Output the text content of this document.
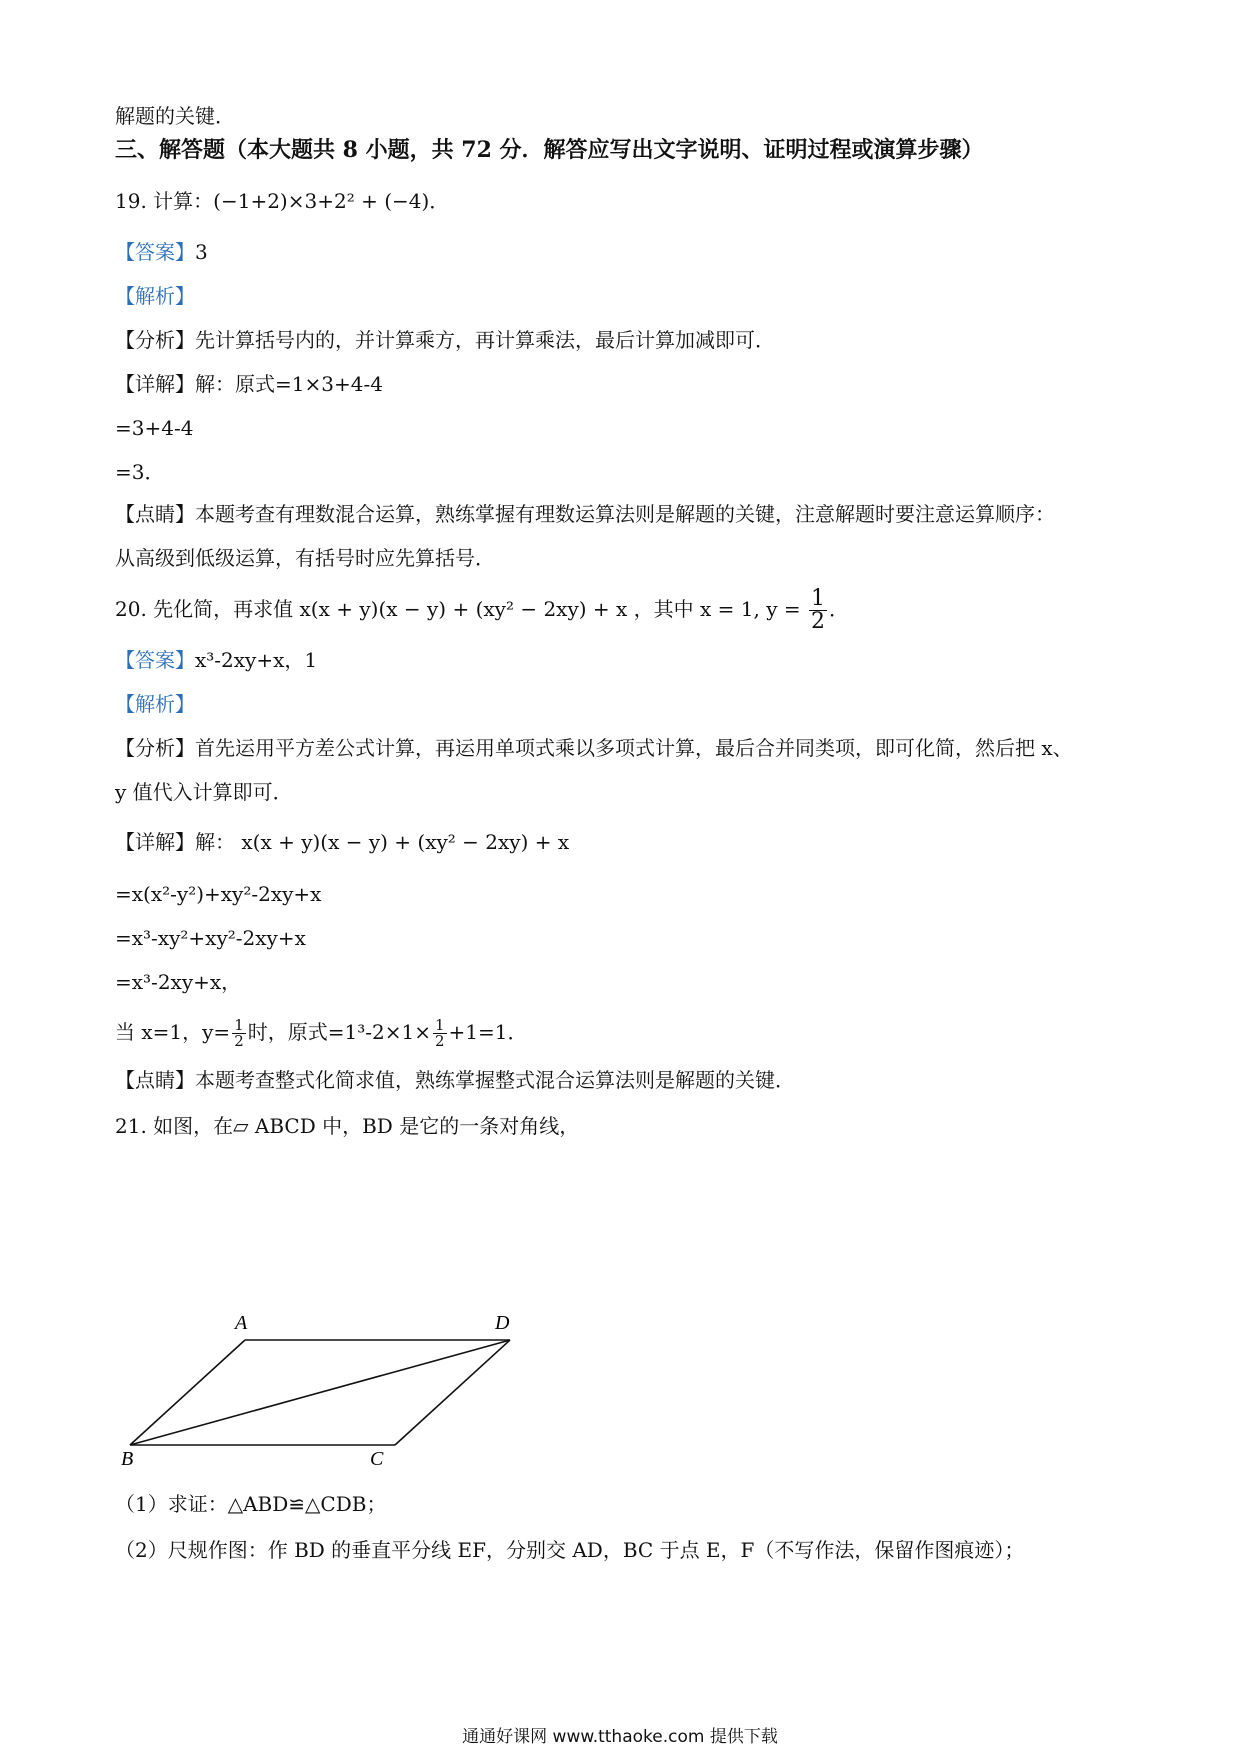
解题的关键．
三、解答题（本大题共 8 小题，共 72 分．解答应写出文字说明、证明过程或演算步骤）
19. 计算：(−1+2)×3+2² + (−4)．
【答案】3
【解析】
【分析】先计算括号内的，并计算乘方，再计算乘法，最后计算加减即可．
【详解】解：原式=1×3+4-4
=3+4-4
=3．
【点睛】本题考查有理数混合运算，熟练掌握有理数运算法则是解题的关键，注意解题时要注意运算顺序：
从高级到低级运算，有括号时应先算括号．
20. 先化简，再求值 x(x + y)(x − y) + (xy² − 2xy) + x ，其中 x = 1, $y = \frac{1}{2}$ ．
【答案】x³-2xy+x，1
【解析】
【分析】首先运用平方差公式计算，再运用单项式乘以多项式计算，最后合并同类项，即可化简，然后把 x、
y 值代入计算即可．
【详解】解： x(x + y)(x − y) + (xy² − 2xy) + x
=x(x²-y²)+xy²-2xy+x
=x³-xy²+xy²-2xy+x
=x³-2xy+x，
当 x=1，$y= \frac{1}{2}$ 时，原式$=1^3-2\times 1\times \frac{1}{2} +1=1$．
【点睛】本题考查整式化简求值，熟练掌握整式混合运算法则是解题的关键．
21. 如图，在▱ ABCD 中，BD 是它的一条对角线，
A	D
B	C
（1）求证：△ABD≌△CDB；
（2）尺规作图：作 BD 的垂直平分线 EF，分别交 AD，BC 于点 E，F（不写作法，保留作图痕迹）；
通通好课网 www.tthaoke.com 提供下载
